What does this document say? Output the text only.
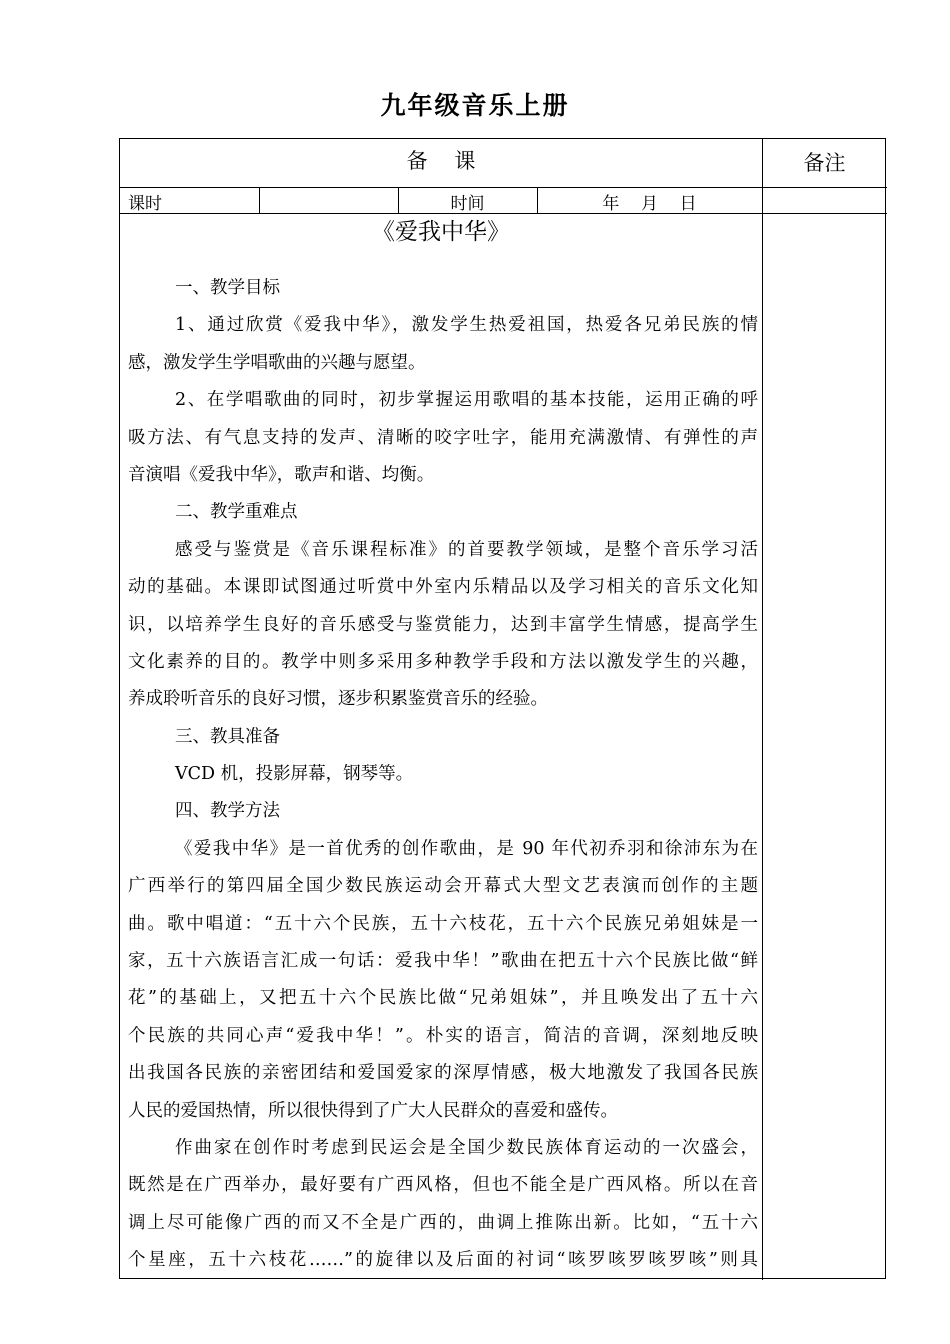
九年级音乐上册
备    课	备注
课时	时间	年    月    日
《爱我中华》
一、教学目标
1、通过欣赏《爱我中华》，激发学生热爱祖国，热爱各兄弟民族的情
感，激发学生学唱歌曲的兴趣与愿望。
2、在学唱歌曲的同时，初步掌握运用歌唱的基本技能，运用正确的呼
吸方法、有气息支持的发声、清晰的咬字吐字，能用充满激情、有弹性的声
音演唱《爱我中华》，歌声和谐、均衡。
二、教学重难点
感受与鉴赏是《音乐课程标准》的首要教学领域，是整个音乐学习活
动的基础。本课即试图通过听赏中外室内乐精品以及学习相关的音乐文化知
识，以培养学生良好的音乐感受与鉴赏能力，达到丰富学生情感，提高学生
文化素养的目的。教学中则多采用多种教学手段和方法以激发学生的兴趣，
养成聆听音乐的良好习惯，逐步积累鉴赏音乐的经验。
三、教具准备
VCD 机，投影屏幕，钢琴等。
四、教学方法
《爱我中华》是一首优秀的创作歌曲，是 90 年代初乔羽和徐沛东为在
广西举行的第四届全国少数民族运动会开幕式大型文艺表演而创作的主题
曲。歌中唱道：“五十六个民族，五十六枝花，五十六个民族兄弟姐妹是一
家，五十六族语言汇成一句话：爱我中华！”歌曲在把五十六个民族比做“鲜
花”的基础上，又把五十六个民族比做“兄弟姐妹”，并且唤发出了五十六
个民族的共同心声“爱我中华！”。朴实的语言，简洁的音调，深刻地反映
出我国各民族的亲密团结和爱国爱家的深厚情感，极大地激发了我国各民族
人民的爱国热情，所以很快得到了广大人民群众的喜爱和盛传。
作曲家在创作时考虑到民运会是全国少数民族体育运动的一次盛会，
既然是在广西举办，最好要有广西风格，但也不能全是广西风格。所以在音
调上尽可能像广西的而又不全是广西的，曲调上推陈出新。比如，“五十六
个星座，五十六枝花……”的旋律以及后面的衬词“咳罗咳罗咳罗咳”则具
